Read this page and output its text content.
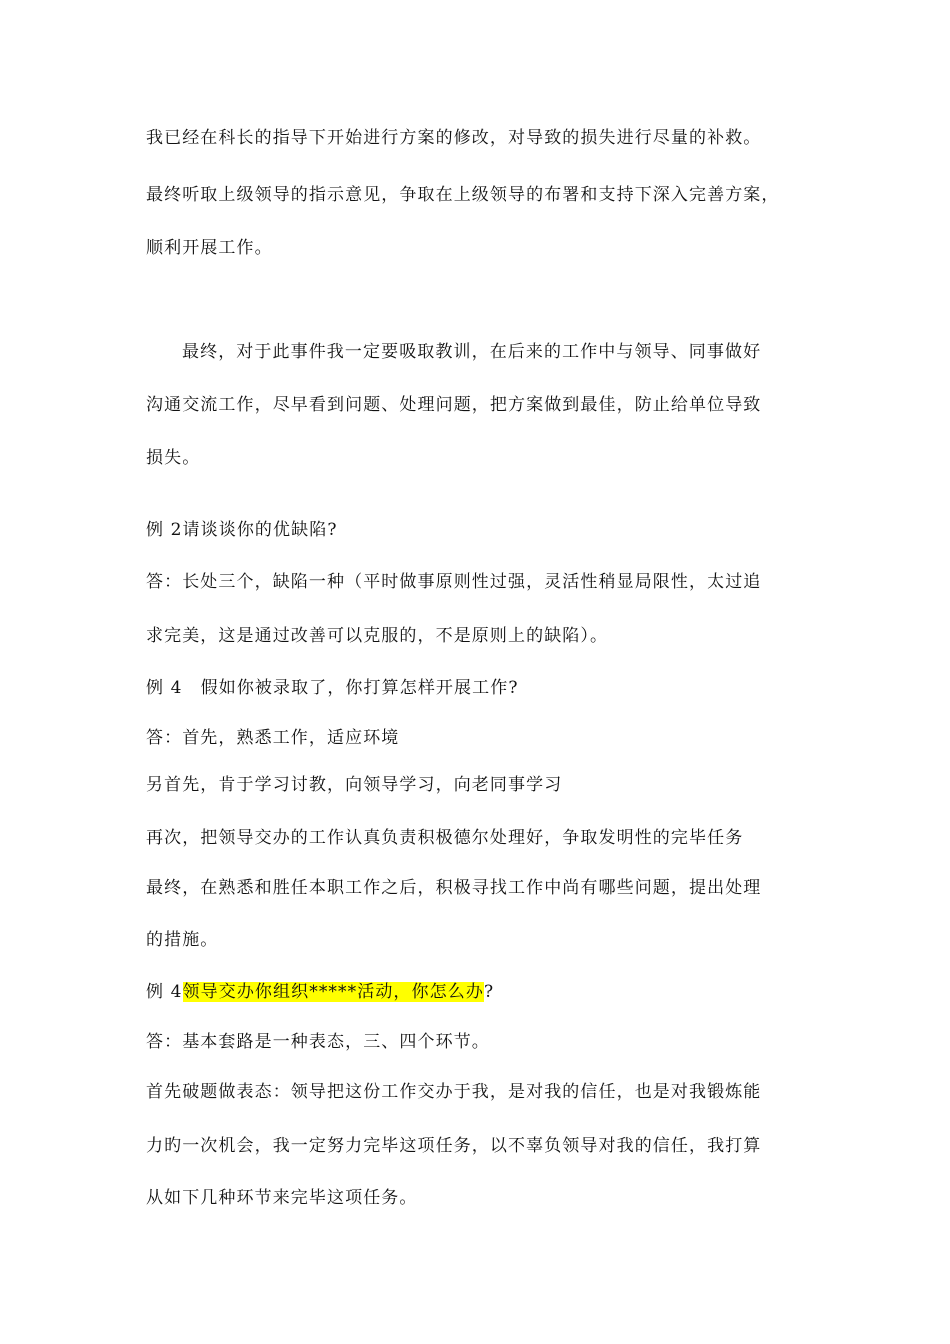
我已经在科长的指导下开始进行方案的修改，对导致的损失进行尽量的补救。
最终听取上级领导的指示意见，争取在上级领导的布署和支持下深入完善方案，
顺利开展工作。
最终，对于此事件我一定要吸取教训，在后来的工作中与领导、同事做好
沟通交流工作，尽早看到问题、处理问题，把方案做到最佳，防止给单位导致
损失。
例 2请谈谈你的优缺陷?
答：长处三个，缺陷一种（平时做事原则性过强，灵活性稍显局限性，太过追
求完美，这是通过改善可以克服的，不是原则上的缺陷）。
例 4　假如你被录取了，你打算怎样开展工作?
答：首先，熟悉工作，适应环境
另首先，肯于学习讨教，向领导学习，向老同事学习
再次，把领导交办的工作认真负责积极德尔处理好，争取发明性的完毕任务
最终，在熟悉和胜任本职工作之后，积极寻找工作中尚有哪些问题，提出处理
的措施。
例 4领导交办你组织*****活动，你怎么办?
答：基本套路是一种表态，三、四个环节。
首先破题做表态：领导把这份工作交办于我，是对我的信任，也是对我锻炼能
力旳一次机会，我一定努力完毕这项任务，以不辜负领导对我的信任，我打算
从如下几种环节来完毕这项任务。
